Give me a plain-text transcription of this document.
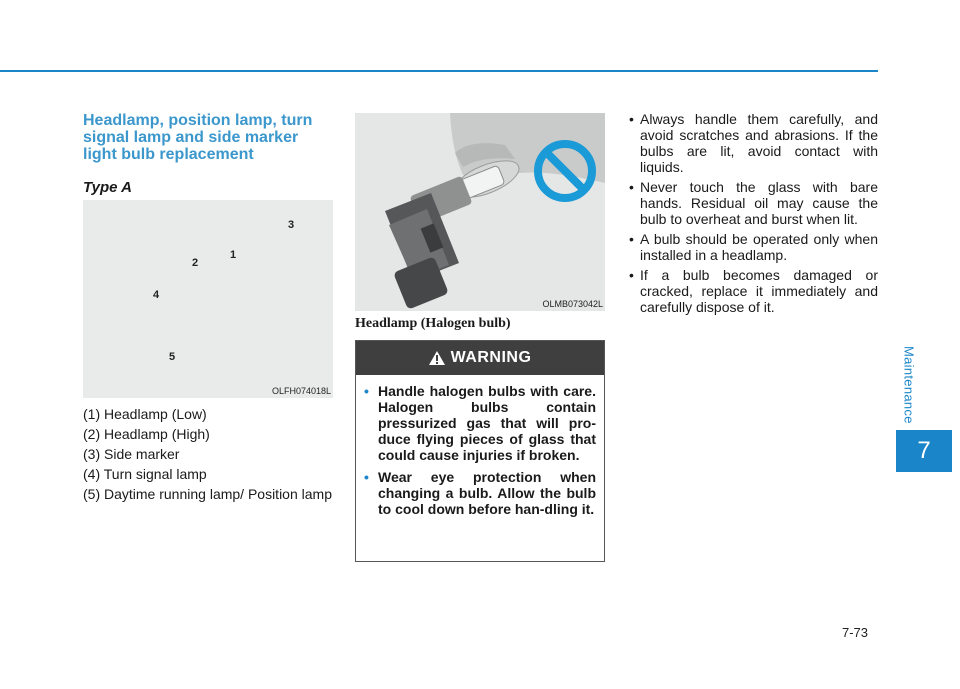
Maintenance
7
Headlamp, position lamp, turn signal lamp and side marker light bulb replacement
Type A
3
1
2
4
5
OLFH074018L
(1) Headlamp (Low)
(2) Headlamp (High)
(3) Side marker
(4) Turn signal lamp
(5) Daytime running lamp/ Position lamp
OLMB073042L
Headlamp (Halogen bulb)
WARNING
• Handle halogen bulbs with care. Halogen bulbs contain pressurized gas that will pro-duce flying pieces of glass that could cause injuries if broken.
• Wear eye protection when changing a bulb. Allow the bulb to cool down before han-dling it.
• Always handle them carefully, and avoid scratches and abrasions. If the bulbs are lit, avoid contact with liquids.
• Never touch the glass with bare hands. Residual oil may cause the bulb to overheat and burst when lit.
• A bulb should be operated only when installed in a headlamp.
• If a bulb becomes damaged or cracked, replace it immediately and carefully dispose of it.
7-73
